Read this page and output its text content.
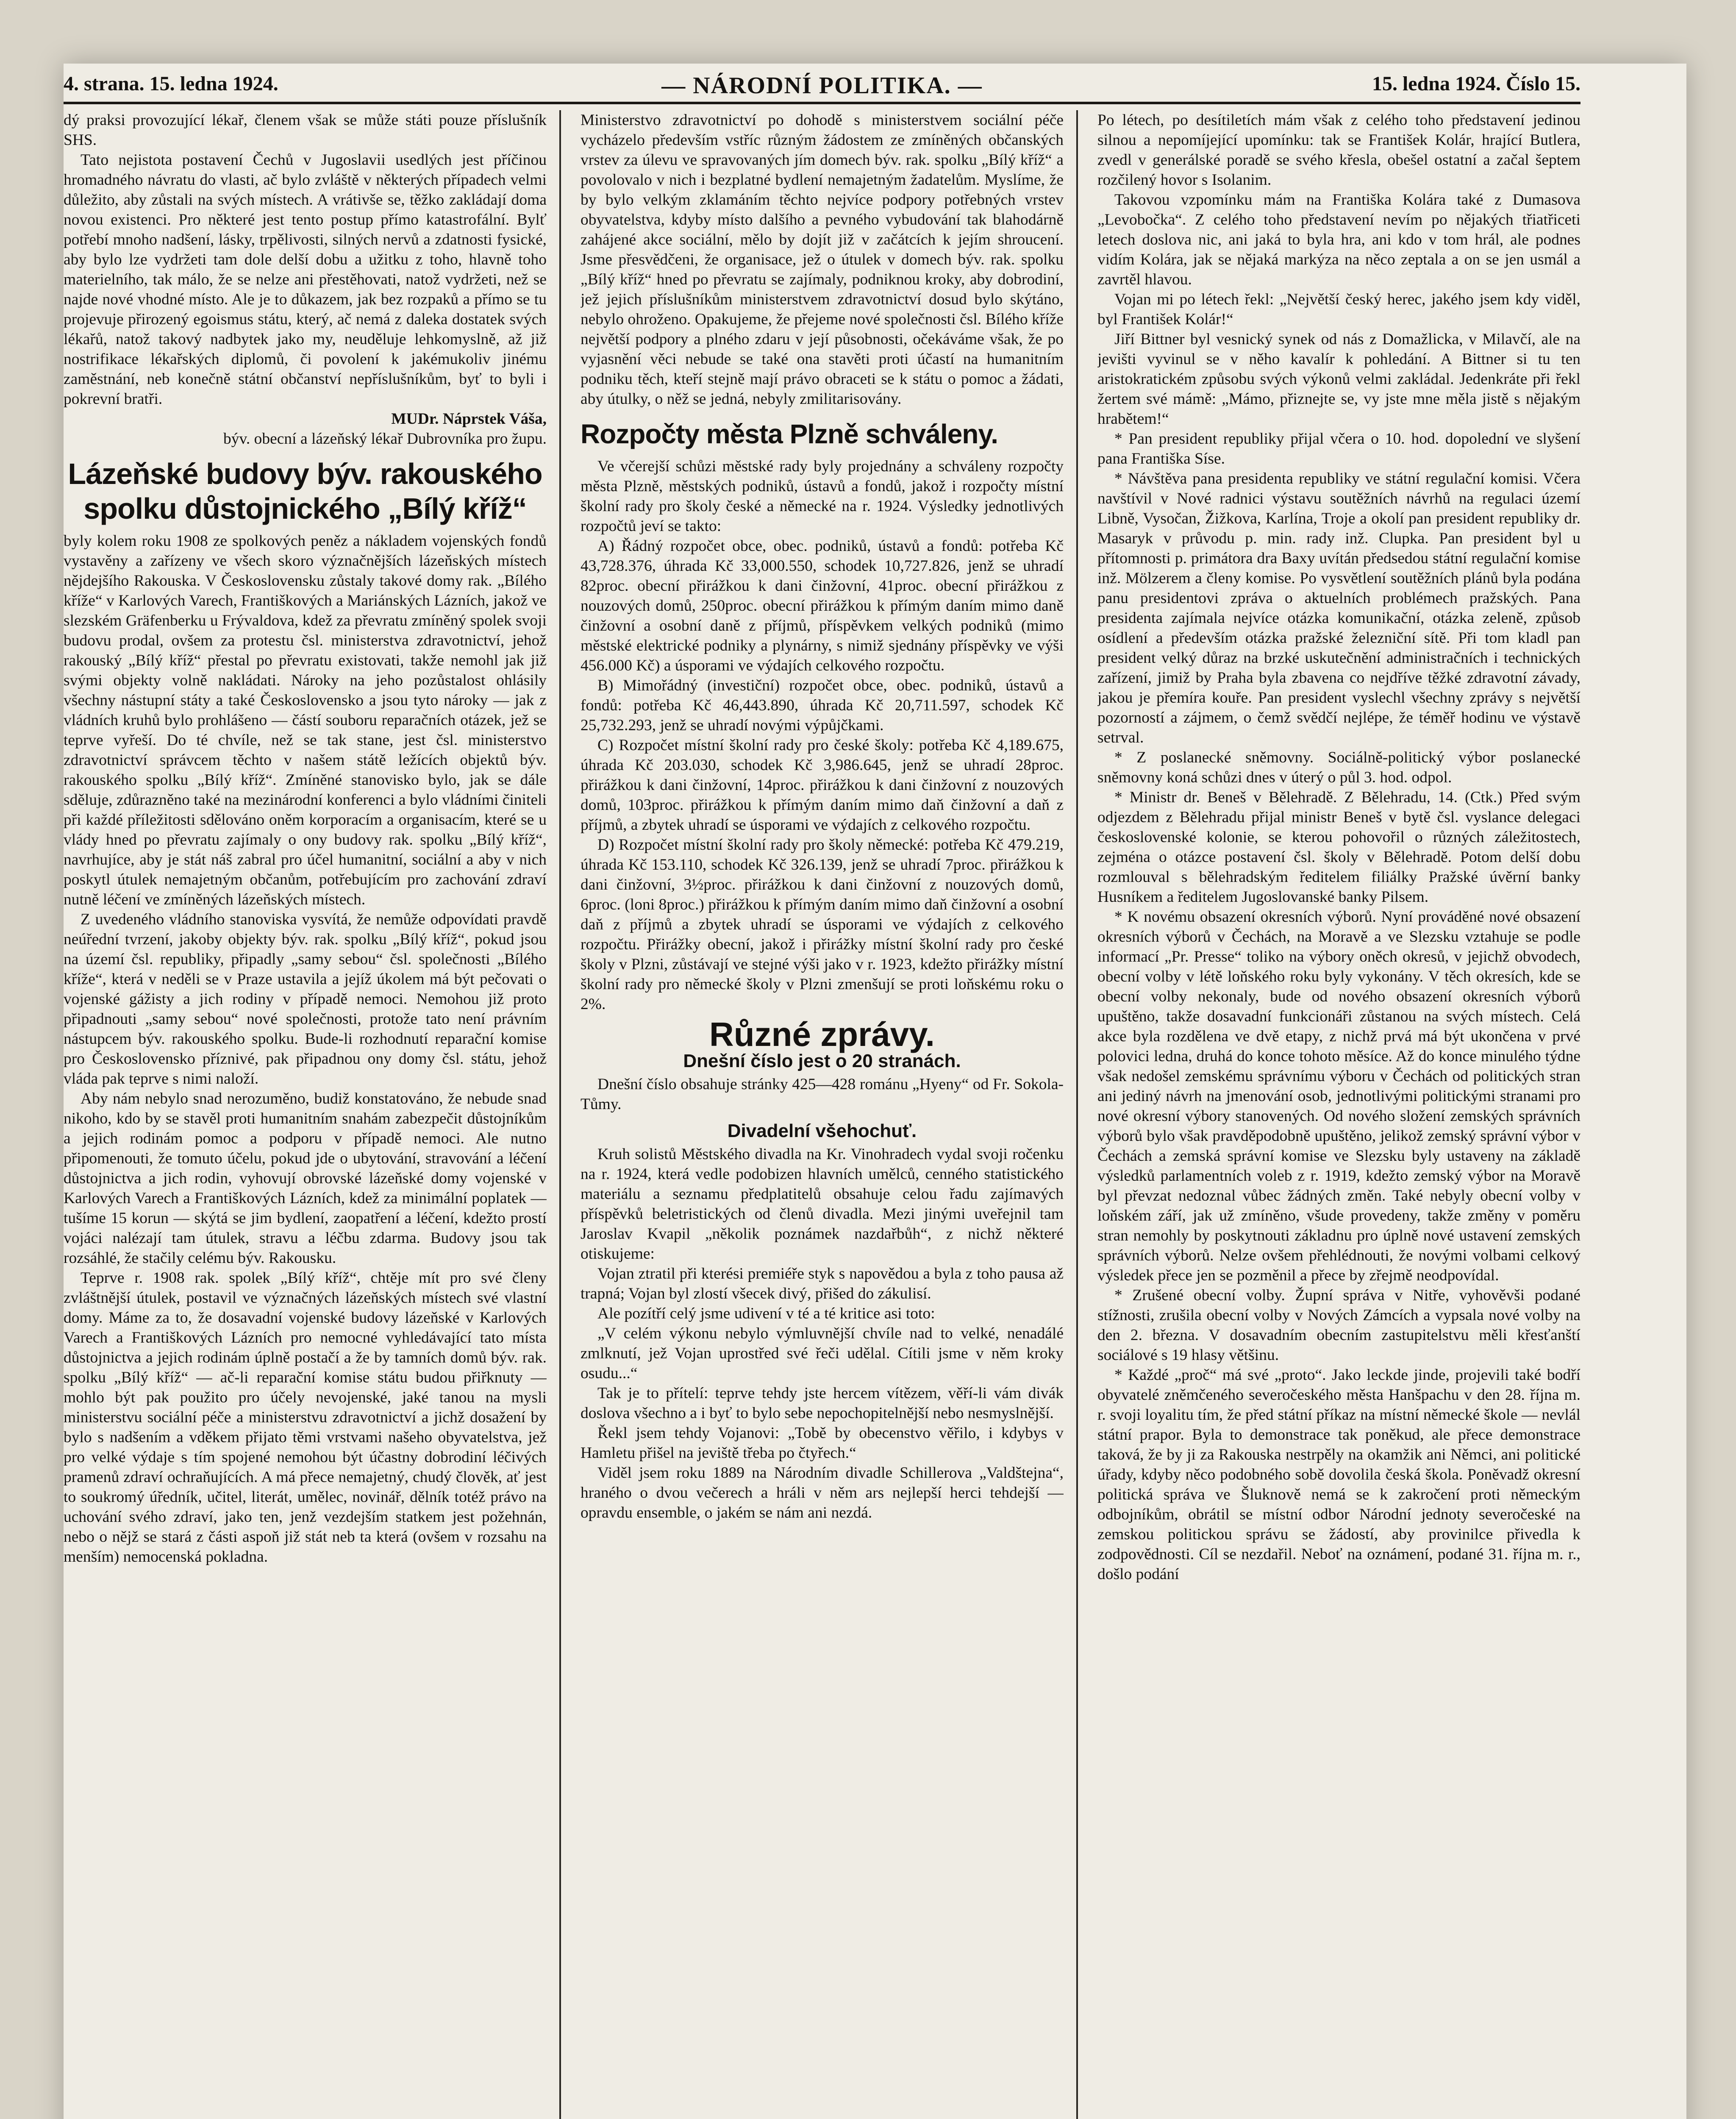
4. strana. 15. ledna 1924.	— NÁRODNÍ POLITIKA. —	15. ledna 1924. Číslo 15.

dý praksi provozující lékař, členem však se může státi pouze příslušník SHS.

Tato nejistota postavení Čechů v Jugoslavii usedlých jest příčinou hromadného návratu do vlasti, ač bylo zvláště v některých případech velmi důležito, aby zůstali na svých místech. A vrátivše se, těžko zakládají doma novou existenci. Pro některé jest tento postup přímo katastrofální. Bylť potřebí mnoho nadšení, lásky, trpělivosti, silných nervů a zdatnosti fysické, aby bylo lze vydržeti tam dole delší dobu a užitku z toho, hlavně toho materielního, tak málo, že se nelze ani přestěhovati, natož vydržeti, než se najde nové vhodné místo. Ale je to důkazem, jak bez rozpaků a přímo se tu projevuje přirozený egoismus státu, který, ač nemá z daleka dostatek svých lékařů, natož takový nadbytek jako my, neuděluje lehkomyslně, až již nostrifikace lékařských diplomů, či povolení k jakémukoliv jinému zaměstnání, neb konečně státní občanství nepříslušníkům, byť to byli i pokrevní bratři.

MUDr. Náprstek Váša,

býv. obecní a lázeňský lékař Dubrovníka pro župu.

Lázeňské budovy býv. rakouského spolku důstojnického „Bílý kříž“

byly kolem roku 1908 ze spolkových peněz a nákladem vojenských fondů vystavěny a zařízeny ve všech skoro význačnějších lázeňských místech nějdejšího Rakouska. V Československu zůstaly takové domy rak. „Bílého kříže“ v Karlových Varech, Františkových a Mariánských Lázních, jakož ve slezském Gräfenberku u Frývaldova, kdež za převratu zmíněný spolek svoji budovu prodal, ovšem za protestu čsl. ministerstva zdravotnictví, jehož rakouský „Bílý kříž“ přestal po převratu existovati, takže nemohl jak již svými objekty volně nakládati. Nároky na jeho pozůstalost ohlásily všechny nástupní státy a také Československo a jsou tyto nároky — jak z vládních kruhů bylo prohlášeno — částí souboru reparačních otázek, jež se teprve vyřeší. Do té chvíle, než se tak stane, jest čsl. ministerstvo zdravotnictví správcem těchto v našem státě ležících objektů býv. rakouského spolku „Bílý kříž“. Zmíněné stanovisko bylo, jak se dále sděluje, zdůrazněno také na mezinárodní konferenci a bylo vládními činiteli při každé příležitosti sdělováno oněm korporacím a organisacím, které se u vlády hned po převratu zajímaly o ony budovy rak. spolku „Bílý kříž“, navrhujíce, aby je stát náš zabral pro účel humanitní, sociální a aby v nich poskytl útulek nemajetným občanům, potřebujícím pro zachování zdraví nutně léčení ve zmíněných lázeňských místech.

Z uvedeného vládního stanoviska vysvítá, že nemůže odpovídati pravdě neúřední tvrzení, jakoby objekty býv. rak. spolku „Bílý kříž“, pokud jsou na území čsl. republiky, připadly „samy sebou“ čsl. společnosti „Bílého kříže“, která v neděli se v Praze ustavila a jejíž úkolem má být pečovati o vojenské gážisty a jich rodiny v případě nemoci. Nemohou již proto připadnouti „samy sebou“ nové společnosti, protože tato není právním nástupcem býv. rakouského spolku. Bude-li rozhodnutí reparační komise pro Československo příznivé, pak připadnou ony domy čsl. státu, jehož vláda pak teprve s nimi naloží.

Aby nám nebylo snad nerozuměno, budiž konstatováno, že nebude snad nikoho, kdo by se stavěl proti humanitním snahám zabezpečit důstojníkům a jejich rodinám pomoc a podporu v případě nemoci. Ale nutno připomenouti, že tomuto účelu, pokud jde o ubytování, stravování a léčení důstojnictva a jich rodin, vyhovují obrovské lázeňské domy vojenské v Karlových Varech a Františkových Lázních, kdež za minimální poplatek — tušíme 15 korun — skýtá se jim bydlení, zaopatření a léčení, kdežto prostí vojáci nalézají tam útulek, stravu a léčbu zdarma. Budovy jsou tak rozsáhlé, že stačily celému býv. Rakousku.

Teprve r. 1908 rak. spolek „Bílý kříž“, chtěje mít pro své členy zvláštnější útulek, postavil ve význačných lázeňských místech své vlastní domy. Máme za to, že dosavadní vojenské budovy lázeňské v Karlových Varech a Františkových Lázních pro nemocné vyhledávající tato místa důstojnictva a jejich rodinám úplně postačí a že by tamních domů býv. rak. spolku „Bílý kříž“ — ač-li reparační komise státu budou přiřknuty — mohlo být pak použito pro účely nevojenské, jaké tanou na mysli ministerstvu sociální péče a ministerstvu zdravotnictví a jichž dosažení by bylo s nadšením a vděkem přijato těmi vrstvami našeho obyvatelstva, jež pro velké výdaje s tím spojené nemohou být účastny dobrodiní léčivých pramenů zdraví ochraňujících. A má přece nemajetný, chudý člověk, ať jest to soukromý úředník, učitel, literát, umělec, novinář, dělník totéž právo na uchování svého zdraví, jako ten, jenž vezdejším statkem jest požehnán, nebo o nějž se stará z části aspoň již stát neb ta která (ovšem v rozsahu na menším) nemocenská pokladna.

Ministerstvo zdravotnictví po dohodě s ministerstvem sociální péče vycházelo především vstříc různým žádostem ze zmíněných občanských vrstev za úlevu ve spravovaných jím domech býv. rak. spolku „Bílý kříž“ a povolovalo v nich i bezplatné bydlení nemajetným žadatelům. Myslíme, že by bylo velkým zklamáním těchto nejvíce podpory potřebných vrstev obyvatelstva, kdyby místo dalšího a pevného vybudování tak blahodárně zahájené akce sociální, mělo by dojít již v začátcích k jejím shroucení. Jsme přesvědčeni, že organisace, jež o útulek v domech býv. rak. spolku „Bílý kříž“ hned po převratu se zajímaly, podniknou kroky, aby dobrodiní, jež jejich příslušníkům ministerstvem zdravotnictví dosud bylo skýtáno, nebylo ohroženo. Opakujeme, že přejeme nové společnosti čsl. Bílého kříže největší podpory a plného zdaru v její působnosti, očekáváme však, že po vyjasnění věci nebude se také ona stavěti proti účastí na humanitním podniku těch, kteří stejně mají právo obraceti se k státu o pomoc a žádati, aby útulky, o něž se jedná, nebyly zmilitarisovány.

Rozpočty města Plzně schváleny.

Ve včerejší schůzi městské rady byly projednány a schváleny rozpočty města Plzně, městských podniků, ústavů a fondů, jakož i rozpočty místní školní rady pro školy české a německé na r. 1924. Výsledky jednotlivých rozpočtů jeví se takto:

A) Řádný rozpočet obce, obec. podniků, ústavů a fondů: potřeba Kč 43,728.376, úhrada Kč 33,000.550, schodek 10,727.826, jenž se uhradí 82proc. obecní přirážkou k dani činžovní, 41proc. obecní přirážkou z nouzových domů, 250proc. obecní přirážkou k přímým daním mimo daně činžovní a osobní daně z příjmů, příspěvkem velkých podniků (mimo městské elektrické podniky a plynárny, s nimiž sjednány příspěvky ve výši 456.000 Kč) a úsporami ve výdajích celkového rozpočtu.

B) Mimořádný (investiční) rozpočet obce, obec. podniků, ústavů a fondů: potřeba Kč 46,443.890, úhrada Kč 20,711.597, schodek Kč 25,732.293, jenž se uhradí novými výpůjčkami.

C) Rozpočet místní školní rady pro české školy: potřeba Kč 4,189.675, úhrada Kč 203.030, schodek Kč 3,986.645, jenž se uhradí 28proc. přirážkou k dani činžovní, 14proc. přirážkou k dani činžovní z nouzových domů, 103proc. přirážkou k přímým daním mimo daň činžovní a daň z příjmů, a zbytek uhradí se úsporami ve výdajích z celkového rozpočtu.

D) Rozpočet místní školní rady pro školy německé: potřeba Kč 479.219, úhrada Kč 153.110, schodek Kč 326.139, jenž se uhradí 7proc. přirážkou k dani činžovní, 3½proc. přirážkou k dani činžovní z nouzových domů, 6proc. (loni 8proc.) přirážkou k přímým daním mimo daň činžovní a osobní daň z příjmů a zbytek uhradí se úsporami ve výdajích z celkového rozpočtu. Přirážky obecní, jakož i přirážky místní školní rady pro české školy v Plzni, zůstávají ve stejné výši jako v r. 1923, kdežto přirážky místní školní rady pro německé školy v Plzni zmenšují se proti loňskému roku o 2%.

Různé zprávy.
Dnešní číslo jest o 20 stranách.

Dnešní číslo obsahuje stránky 425—428 románu „Hyeny“ od Fr. Sokola-Tůmy.

Divadelní všehochuť.

Kruh solistů Městského divadla na Kr. Vinohradech vydal svoji ročenku na r. 1924, která vedle podobizen hlavních umělců, cenného statistického materiálu a seznamu předplatitelů obsahuje celou řadu zajímavých příspěvků beletristických od členů divadla. Mezi jinými uveřejnil tam Jaroslav Kvapil „několik poznámek nazdařbůh“, z nichž některé otiskujeme:

Vojan ztratil při kterési premiéře styk s napovědou a byla z toho pausa až trapná; Vojan byl zlostí všecek divý, přišed do zákulisí.

Ale pozítří celý jsme udivení v té a té kritice asi toto:

„V celém výkonu nebylo výmluvnější chvíle nad to velké, nenadálé zmlknutí, jež Vojan uprostřed své řeči udělal. Cítili jsme v něm kroky osudu...“

Tak je to přítelí: teprve tehdy jste hercem vítězem, věří-li vám divák doslova všechno a i byť to bylo sebe nepochopitelnější nebo nesmyslnější.

Řekl jsem tehdy Vojanovi: „Tobě by obecenstvo věřilo, i kdybys v Hamletu přišel na jeviště třeba po čtyřech.“

Viděl jsem roku 1889 na Národním divadle Schillerova „Valdštejna“, hraného o dvou večerech a hráli v něm ars nejlepší herci tehdejší — opravdu ensemble, o jakém se nám ani nezdá.

Po létech, po desítiletích mám však z celého toho představení jedinou silnou a nepomíjející upomínku: tak se František Kolár, hrající Butlera, zvedl v generálské poradě se svého křesla, obešel ostatní a začal šeptem rozčilený hovor s Isolanim.

Takovou vzpomínku mám na Františka Kolára také z Dumasova „Levobočka“. Z celého toho představení nevím po nějakých třiatřiceti letech doslova nic, ani jaká to byla hra, ani kdo v tom hrál, ale podnes vidím Kolára, jak se nějaká markýza na něco zeptala a on se jen usmál a zavrtěl hlavou.

Vojan mi po létech řekl: „Největší český herec, jakého jsem kdy viděl, byl František Kolár!“

Jiří Bittner byl vesnický synek od nás z Domažlicka, v Milavčí, ale na jevišti vyvinul se v něho kavalír k pohledání. A Bittner si tu ten aristokratickém způsobu svých výkonů velmi zakládal. Jedenkráte při řekl žertem své mámě: „Mámo, přiznejte se, vy jste mne měla jistě s nějakým hrabětem!“

* Pan president republiky přijal včera o 10. hod. dopolední ve slyšení pana Františka Síse.

* Návštěva pana presidenta republiky ve státní regulační komisi. Včera navštívil v Nové radnici výstavu soutěžních návrhů na regulaci území Libně, Vysočan, Žižkova, Karlína, Troje a okolí pan president republiky dr. Masaryk v průvodu p. min. rady inž. Clupka. Pan president byl u přítomnosti p. primátora dra Baxy uvítán předsedou státní regulační komise inž. Mölzerem a členy komise. Po vysvětlení soutěžních plánů byla podána panu presidentovi zpráva o aktuelních problémech pražských. Pana presidenta zajímala nejvíce otázka komunikační, otázka zeleně, způsob osídlení a především otázka pražské železniční sítě. Při tom kladl pan president velký důraz na brzké uskutečnění administračních i technických zařízení, jimiž by Praha byla zbavena co nejdříve těžké zdravotní závady, jakou je přemíra kouře. Pan president vyslechl všechny zprávy s největší pozorností a zájmem, o čemž svědčí nejlépe, že téměř hodinu ve výstavě setrval.

* Z poslanecké sněmovny. Sociálně-politický výbor poslanecké sněmovny koná schůzi dnes v úterý o půl 3. hod. odpol.

* Ministr dr. Beneš v Bělehradě. Z Bělehradu, 14. (Ctk.) Před svým odjezdem z Bělehradu přijal ministr Beneš v bytě čsl. vyslance delegaci československé kolonie, se kterou pohovořil o různých záležitostech, zejména o otázce postavení čsl. školy v Bělehradě. Potom delší dobu rozmlouval s bělehradským ředitelem filiálky Pražské úvěrní banky Husníkem a ředitelem Jugoslovanské banky Pilsem.

* K novému obsazení okresních výborů. Nyní prováděné nové obsazení okresních výborů v Čechách, na Moravě a ve Slezsku vztahuje se podle informací „Pr. Presse“ toliko na výbory oněch okresů, v jejichž obvodech, obecní volby v létě loňského roku byly vykonány. V těch okresích, kde se obecní volby nekonaly, bude od nového obsazení okresních výborů upuštěno, takže dosavadní funkcionáři zůstanou na svých místech. Celá akce byla rozdělena ve dvě etapy, z nichž prvá má být ukončena v prvé polovici ledna, druhá do konce tohoto měsíce. Až do konce minulého týdne však nedošel zemskému správnímu výboru v Čechách od politických stran ani jediný návrh na jmenování osob, jednotlivými politickými stranami pro nové okresní výbory stanovených. Od nového složení zemských správních výborů bylo však pravděpodobně upuštěno, jelikož zemský správní výbor v Čechách a zemská správní komise ve Slezsku byly ustaveny na základě výsledků parlamentních voleb z r. 1919, kdežto zemský výbor na Moravě byl převzat nedoznal vůbec žádných změn. Také nebyly obecní volby v loňském září, jak už zmíněno, všude provedeny, takže změny v poměru stran nemohly by poskytnouti základnu pro úplně nové ustavení zemských správních výborů. Nelze ovšem přehlédnouti, že novými volbami celkový výsledek přece jen se pozměnil a přece by zřejmě neodpovídal.

* Zrušené obecní volby. Župní správa v Nitře, vyhověvši podané stížnosti, zrušila obecní volby v Nových Zámcích a vypsala nové volby na den 2. března. V dosavadním obecním zastupitelstvu měli křesťanští sociálové s 19 hlasy většinu.

* Každé „proč“ má své „proto“. Jako leckde jinde, projevili také bodří obyvatelé zněmčeného severočeského města Hanšpachu v den 28. října m. r. svoji loyalitu tím, že před státní příkaz na místní německé škole — nevlál státní prapor. Byla to demonstrace tak poněkud, ale přece demonstrace taková, že by ji za Rakouska nestrpěly na okamžik ani Němci, ani politické úřady, kdyby něco podobného sobě dovolila česká škola. Poněvadž okresní politická správa ve Šluknově nemá se k zakročení proti německým odbojníkům, obrátil se místní odbor Národní jednoty severočeské na zemskou politickou správu se žádostí, aby provinilce přivedla k zodpovědnosti. Cíl se nezdařil. Neboť na oznámení, podané 31. října m. r., došlo podání
